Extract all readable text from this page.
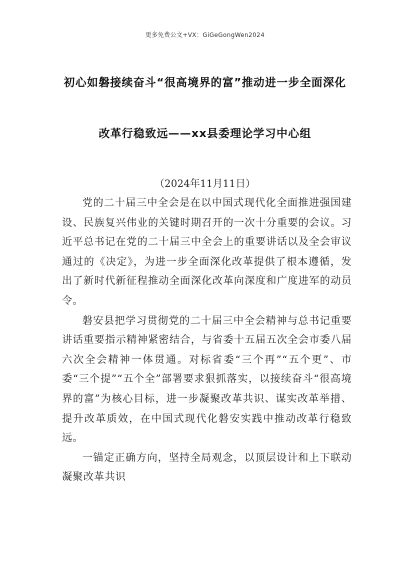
更多免费公文+VX：GiGeGongWen2024
初心如磐接续奋斗“很高境界的富”推动进一步全面深化
改革行稳致远——xx县委理论学习中心组
（2024年11月11日）

党的二十届三中全会是在以中国式现代化全面推进强国建设、民族复兴伟业的关键时期召开的一次十分重要的会议。习近平总书记在党的二十届三中全会上的重要讲话以及全会审议通过的《决定》，为进一步全面深化改革提供了根本遵循，发出了新时代新征程推动全面深化改革向深度和广度进军的动员令。

磐安县把学习贯彻党的二十届三中全会精神与总书记重要讲话重要指示精神紧密结合，与省委十五届五次全会市委八届六次全会精神一体贯通。对标省委“三个再”“五个更”、市委“三个提”“五个全”部署要求狠抓落实，以接续奋斗“很高境界的富”为核心目标，进一步凝聚改革共识、谋实改革举措、提升改革质效，在中国式现代化磐安实践中推动改革行稳致远。

一锚定正确方向，坚持全局观念，以顶层设计和上下联动凝聚改革共识
